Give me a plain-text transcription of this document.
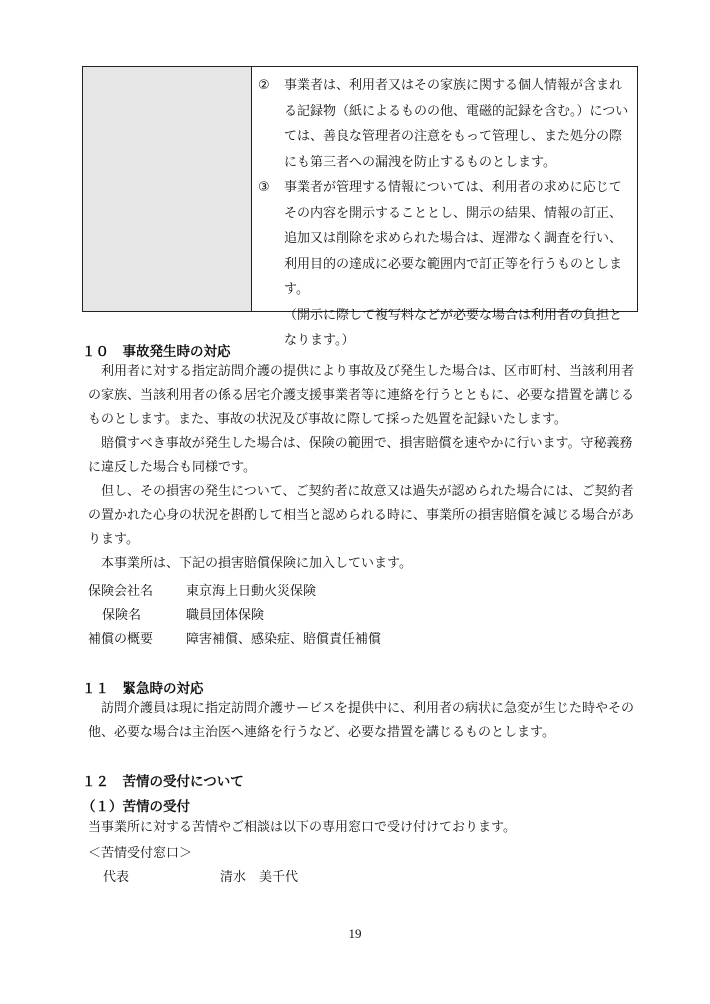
②	事業者は、利用者又はその家族に関する個人情報が含まれる記録物（紙によるものの他、電磁的記録を含む。）については、善良な管理者の注意をもって管理し、また処分の際にも第三者への漏洩を防止するものとします。
③	事業者が管理する情報については、利用者の求めに応じてその内容を開示することとし、開示の結果、情報の訂正、追加又は削除を求められた場合は、遅滞なく調査を行い、利用目的の達成に必要な範囲内で訂正等を行うものとします。
（開示に際して複写料などが必要な場合は利用者の負担となります。）
１０　事故発生時の対応
利用者に対する指定訪問介護の提供により事故及び発生した場合は、区市町村、当該利用者の家族、当該利用者の係る居宅介護支援事業者等に連絡を行うとともに、必要な措置を講じるものとします。また、事故の状況及び事故に際して採った処置を記録いたします。
賠償すべき事故が発生した場合は、保険の範囲で、損害賠償を速やかに行います。守秘義務に違反した場合も同様です。
但し、その損害の発生について、ご契約者に故意又は過失が認められた場合には、ご契約者の置かれた心身の状況を斟酌して相当と認められる時に、事業所の損害賠償を減じる場合があります。
本事業所は、下記の損害賠償保険に加入しています。
保険会社名	東京海上日動火災保険
保険名	職員団体保険
補償の概要	障害補償、感染症、賠償責任補償
１１　緊急時の対応
訪問介護員は現に指定訪問介護サービスを提供中に、利用者の病状に急変が生じた時やその他、必要な場合は主治医へ連絡を行うなど、必要な措置を講じるものとします。
１２　苦情の受付について
（１）苦情の受付
当事業所に対する苦情やご相談は以下の専用窓口で受け付けております。
＜苦情受付窓口＞
代表	清水　美千代
19
